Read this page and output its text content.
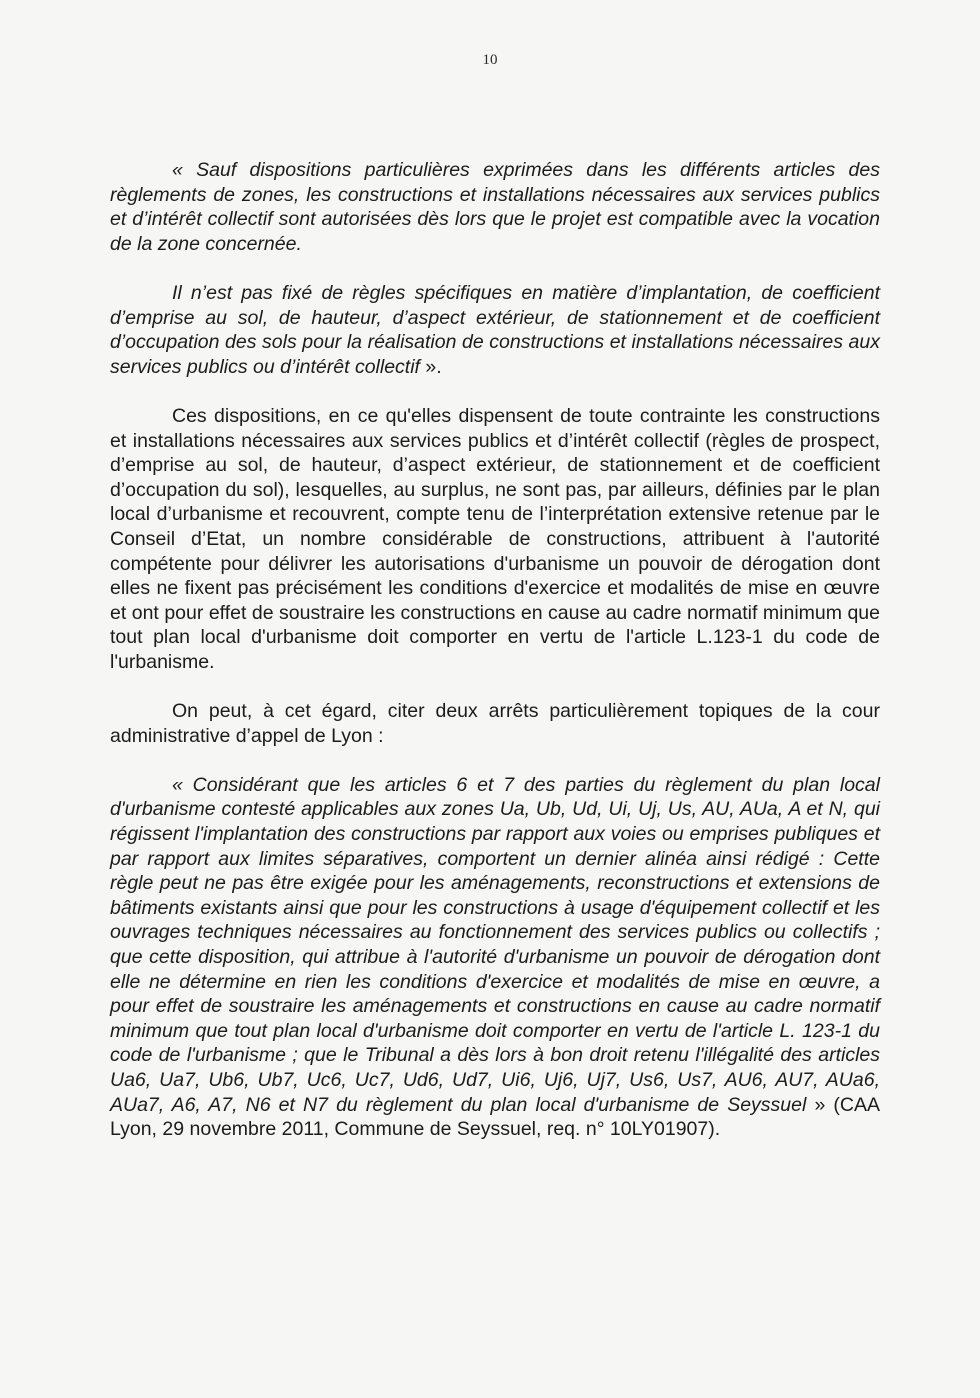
10

« Sauf dispositions particulières exprimées dans les différents articles des règlements de zones, les constructions et installations nécessaires aux services publics et d’intérêt collectif sont autorisées dès lors que le projet est compatible avec la vocation de la zone concernée.

Il n’est pas fixé de règles spécifiques en matière d’implantation, de coefficient d’emprise au sol, de hauteur, d’aspect extérieur, de stationnement et de coefficient d’occupation des sols pour la réalisation de constructions et installations nécessaires aux services publics ou d’intérêt collectif ».

Ces dispositions, en ce qu'elles dispensent de toute contrainte les constructions et installations nécessaires aux services publics et d’intérêt collectif (règles de prospect, d’emprise au sol, de hauteur, d’aspect extérieur, de stationnement et de coefficient d’occupation du sol), lesquelles, au surplus, ne sont pas, par ailleurs, définies par le plan local d’urbanisme et recouvrent, compte tenu de l’interprétation extensive retenue par le Conseil d’Etat, un nombre considérable de constructions, attribuent à l'autorité compétente pour délivrer les autorisations d'urbanisme un pouvoir de dérogation dont elles ne fixent pas précisément les conditions d'exercice et modalités de mise en œuvre et ont pour effet de soustraire les constructions en cause au cadre normatif minimum que tout plan local d'urbanisme doit comporter en vertu de l'article L.123-1 du code de l'urbanisme.

On peut, à cet égard, citer deux arrêts particulièrement topiques de la cour administrative d’appel de Lyon :

« Considérant que les articles 6 et 7 des parties du règlement du plan local d'urbanisme contesté applicables aux zones Ua, Ub, Ud, Ui, Uj, Us, AU, AUa, A et N, qui régissent l'implantation des constructions par rapport aux voies ou emprises publiques et par rapport aux limites séparatives, comportent un dernier alinéa ainsi rédigé : Cette règle peut ne pas être exigée pour les aménagements, reconstructions et extensions de bâtiments existants ainsi que pour les constructions à usage d'équipement collectif et les ouvrages techniques nécessaires au fonctionnement des services publics ou collectifs ; que cette disposition, qui attribue à l'autorité d'urbanisme un pouvoir de dérogation dont elle ne détermine en rien les conditions d'exercice et modalités de mise en œuvre, a pour effet de soustraire les aménagements et constructions en cause au cadre normatif minimum que tout plan local d'urbanisme doit comporter en vertu de l'article L. 123-1 du code de l'urbanisme ; que le Tribunal a dès lors à bon droit retenu l'illégalité des articles Ua6, Ua7, Ub6, Ub7, Uc6, Uc7, Ud6, Ud7, Ui6, Uj6, Uj7, Us6, Us7, AU6, AU7, AUa6, AUa7, A6, A7, N6 et N7 du règlement du plan local d'urbanisme de Seyssuel » (CAA Lyon, 29 novembre 2011, Commune de Seyssuel, req. n° 10LY01907).
